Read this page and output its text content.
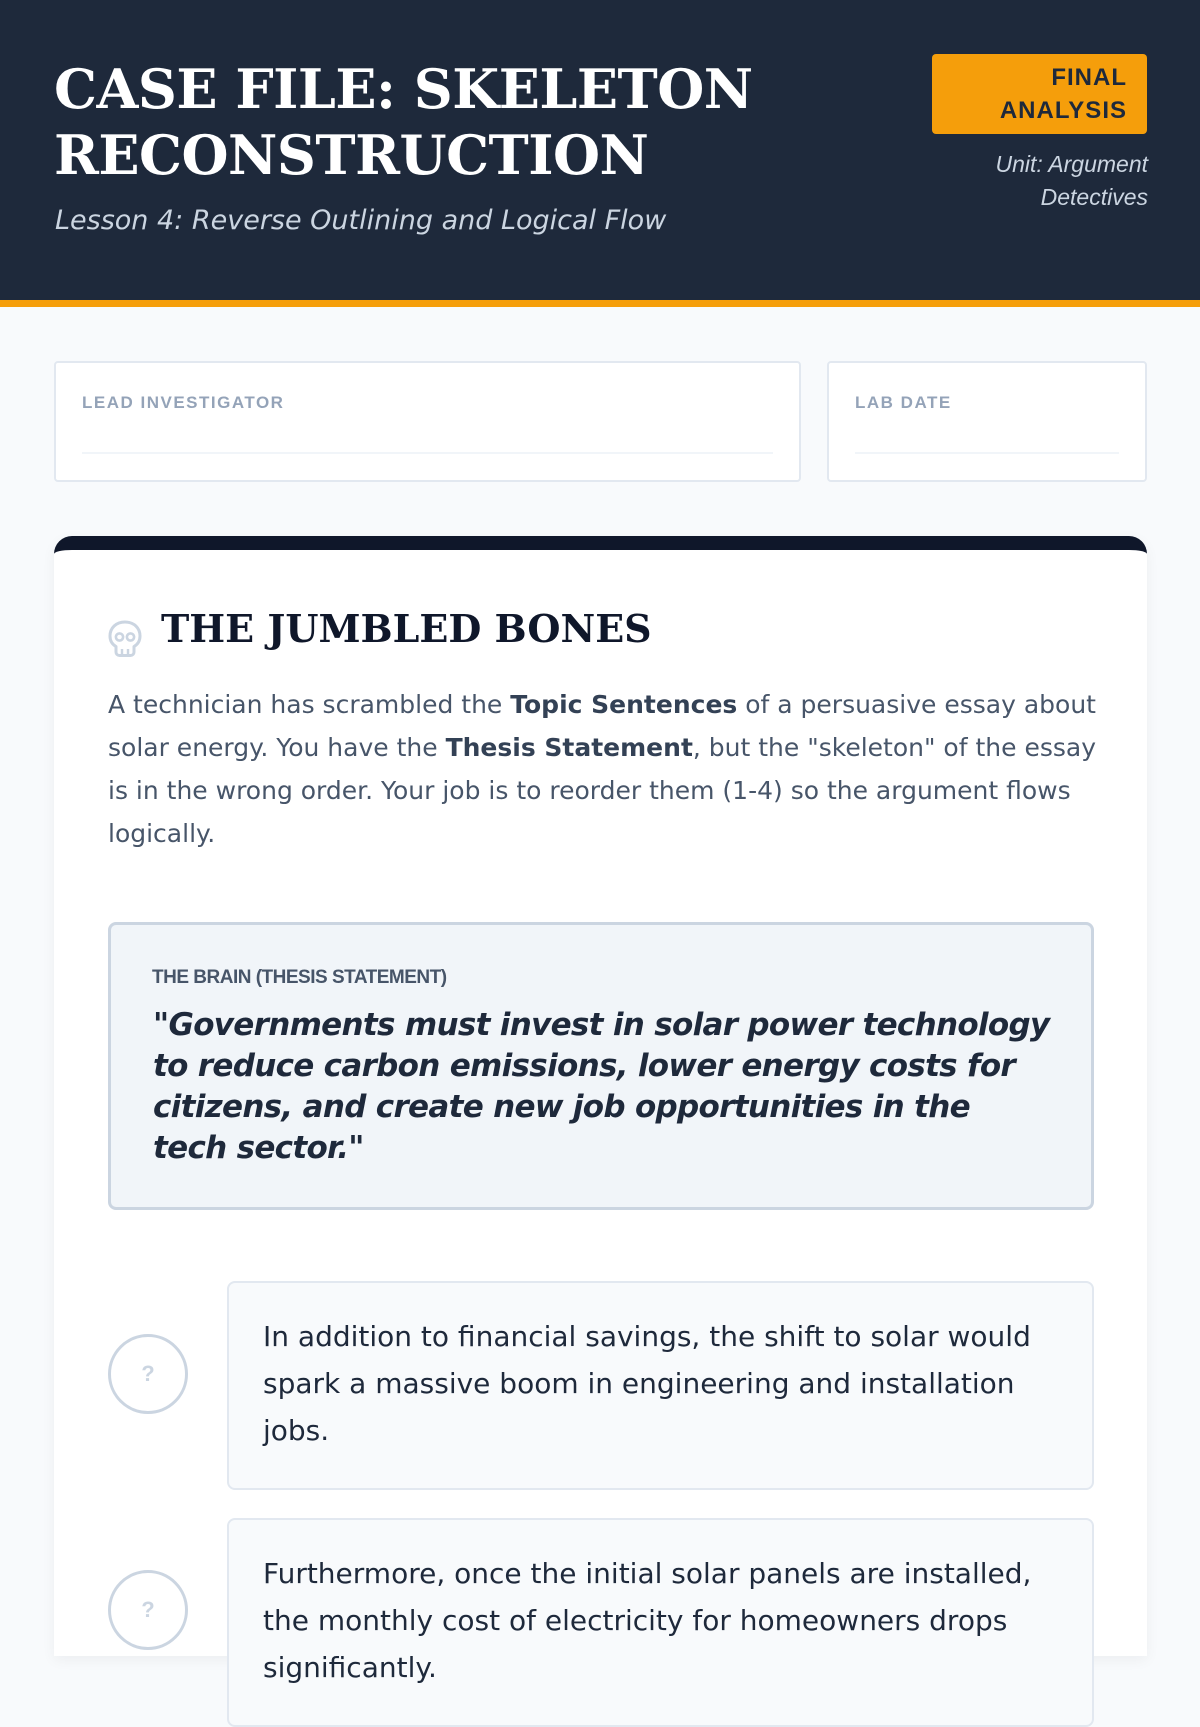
CASE FILE: SKELETON RECONSTRUCTION
Lesson 4: Reverse Outlining and Logical Flow
FINAL ANALYSIS
Unit: Argument Detectives
LEAD INVESTIGATOR	LAB DATE
THE JUMBLED BONES

A technician has scrambled the Topic Sentences of a persuasive essay about solar energy. You have the Thesis Statement, but the "skeleton" of the essay is in the wrong order. Your job is to reorder them (1-4) so the argument flows logically.

THE BRAIN (THESIS STATEMENT)
"Governments must invest in solar power technology to reduce carbon emissions, lower energy costs for citizens, and create new job opportunities in the tech sector."
?
In addition to financial savings, the shift to solar would spark a massive boom in engineering and installation jobs.
?
Furthermore, once the initial solar panels are installed, the monthly cost of electricity for homeowners drops significantly.
